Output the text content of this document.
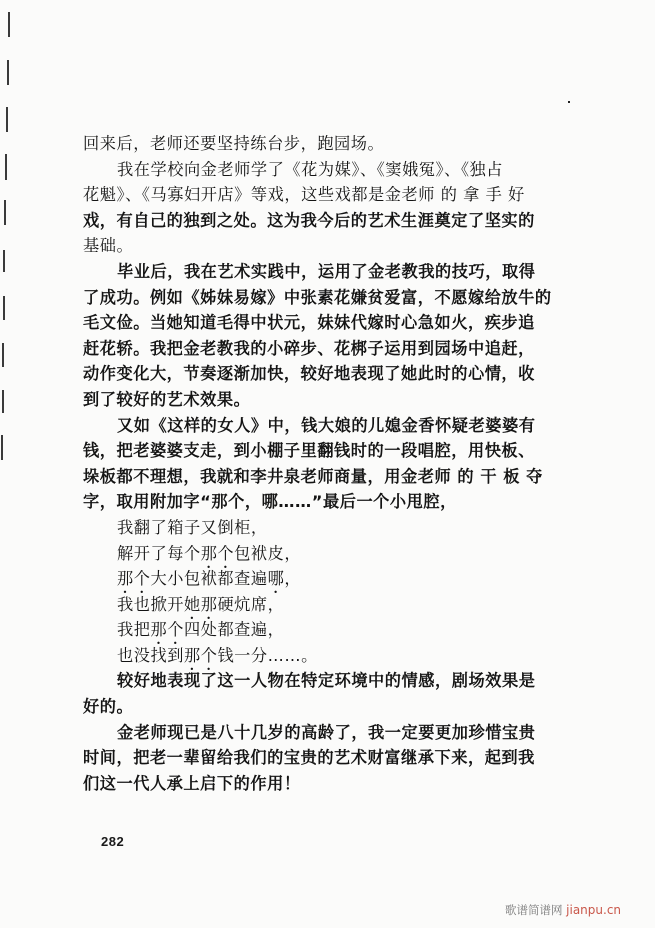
回来后，老师还要坚持练台步，跑园场。
我在学校向金老师学了《花为媒》、《窦娥冤》、《独占
花魁》、《马寡妇开店》等戏，这些戏都是金老师 的 拿 手 好
戏，有自己的独到之处。这为我今后的艺术生涯奠定了坚实的
基础。
毕业后，我在艺术实践中，运用了金老教我的技巧，取得
了成功。例如《姊妹易嫁》中张素花嫌贫爱富，不愿嫁给放牛的
毛文俭。当她知道毛得中状元，妹妹代嫁时心急如火，疾步追
赶花轿。我把金老教我的小碎步、花梆子运用到园场中追赶，
动作变化大，节奏逐渐加快，较好地表现了她此时的心情，收
到了较好的艺术效果。
又如《这样的女人》中，钱大娘的儿媳金香怀疑老婆婆有
钱，把老婆婆支走，到小棚子里翻钱时的一段唱腔，用快板、
垛板都不理想，我就和李井泉老师商量，用金老师 的 干 板 夺
字，取用附加字“那个，哪……”最后一个小甩腔，
我翻了箱子又倒柜，
解开了每个那个包袱皮，
那个大小包袱都查遍哪，
我也掀开她那硬炕席，
我把那个四处都查遍，
也没找到那个钱一分……。
较好地表现了这一人物在特定环境中的情感，剧场效果是
好的。
金老师现已是八十几岁的高龄了，我一定要更加珍惜宝贵
时间，把老一辈留给我们的宝贵的艺术财富继承下来，起到我
们这一代人承上启下的作用！
282
歌谱简谱网 jianpu.cn
